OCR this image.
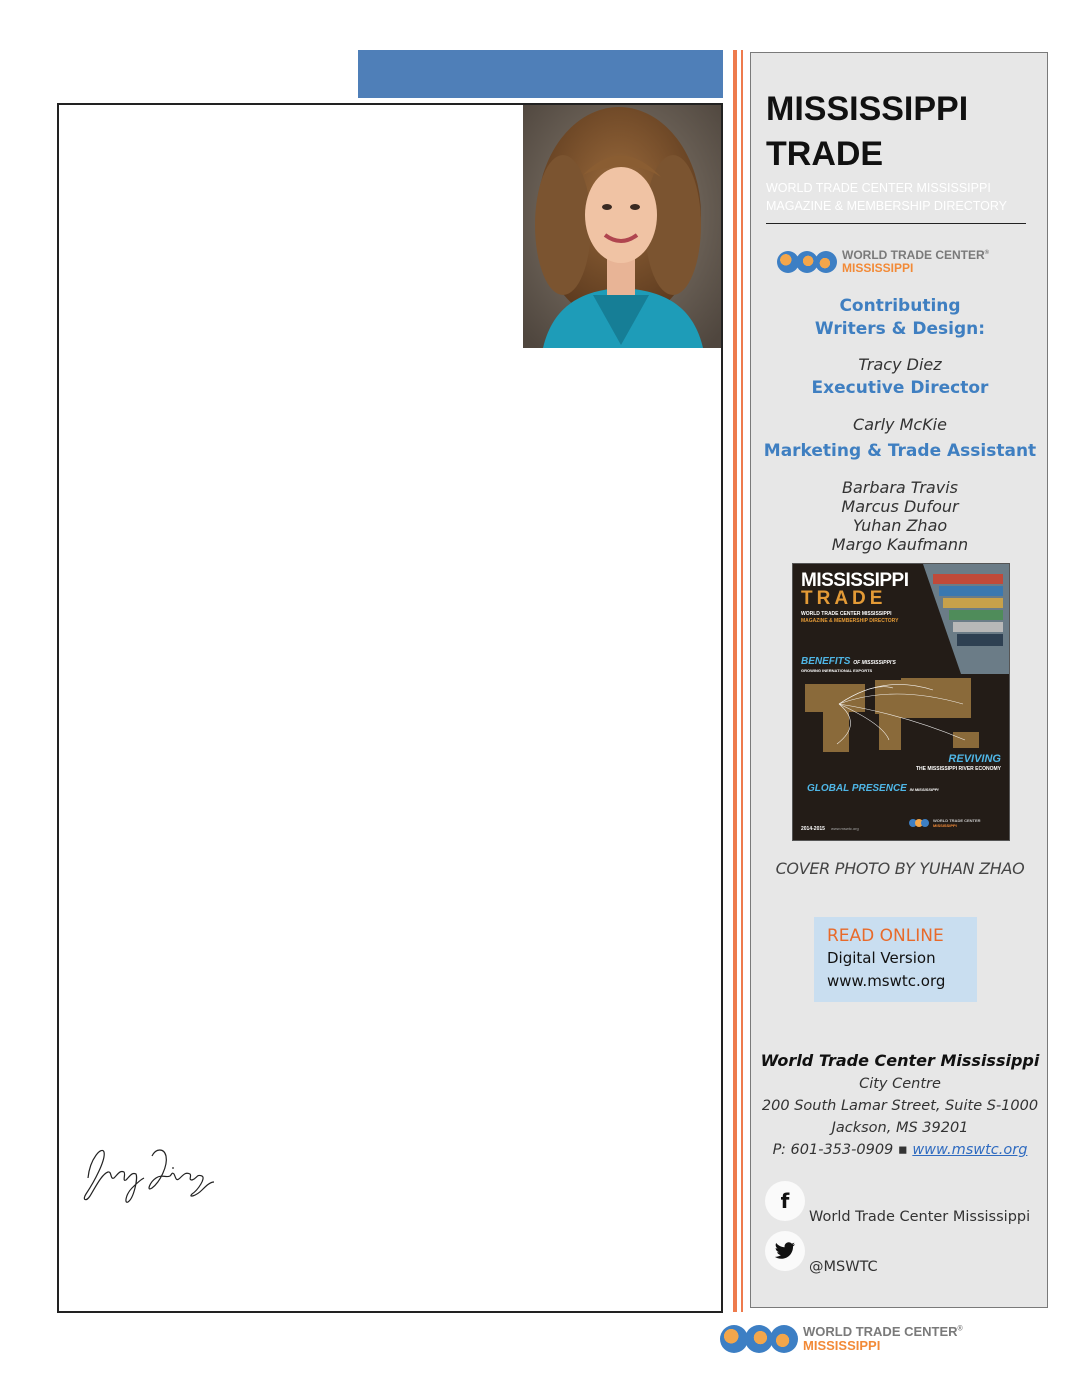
MISSISSIPPI
TRADE
WORLD TRADE CENTER MISSISSIPPI
MAGAZINE & MEMBERSHIP DIRECTORY
WORLD TRADE CENTER®
MISSISSIPPI
Contributing
Writers & Design:
Tracy Diez
Executive Director
Carly McKie
Marketing & Trade Assistant
Barbara Travis
Marcus Dufour
Yuhan Zhao
Margo Kaufmann
MISSISSIPPI
TRADE
WORLD TRADE CENTER MISSISSIPPI
MAGAZINE & MEMBERSHIP DIRECTORY
BENEFITS OF MISSISSIPPI'S
GROWING INERNATIONAL EXPORTS
REVIVING
THE MISSISSIPPI RIVER ECONOMY
GLOBAL PRESENCE IN MISSISSIPPI
2014-2015 www.mswtc.org
WORLD TRADE CENTER
MISSISSIPPI
COVER PHOTO BY YUHAN ZHAO
READ ONLINE
Digital Version
www.mswtc.org
World Trade Center Mississippi
City Centre
200 South Lamar Street, Suite S-1000
Jackson, MS 39201
P: 601-353-0909 ▪ www.mswtc.org
f
World Trade Center Mississippi
@MSWTC
WORLD TRADE CENTER®
MISSISSIPPI
